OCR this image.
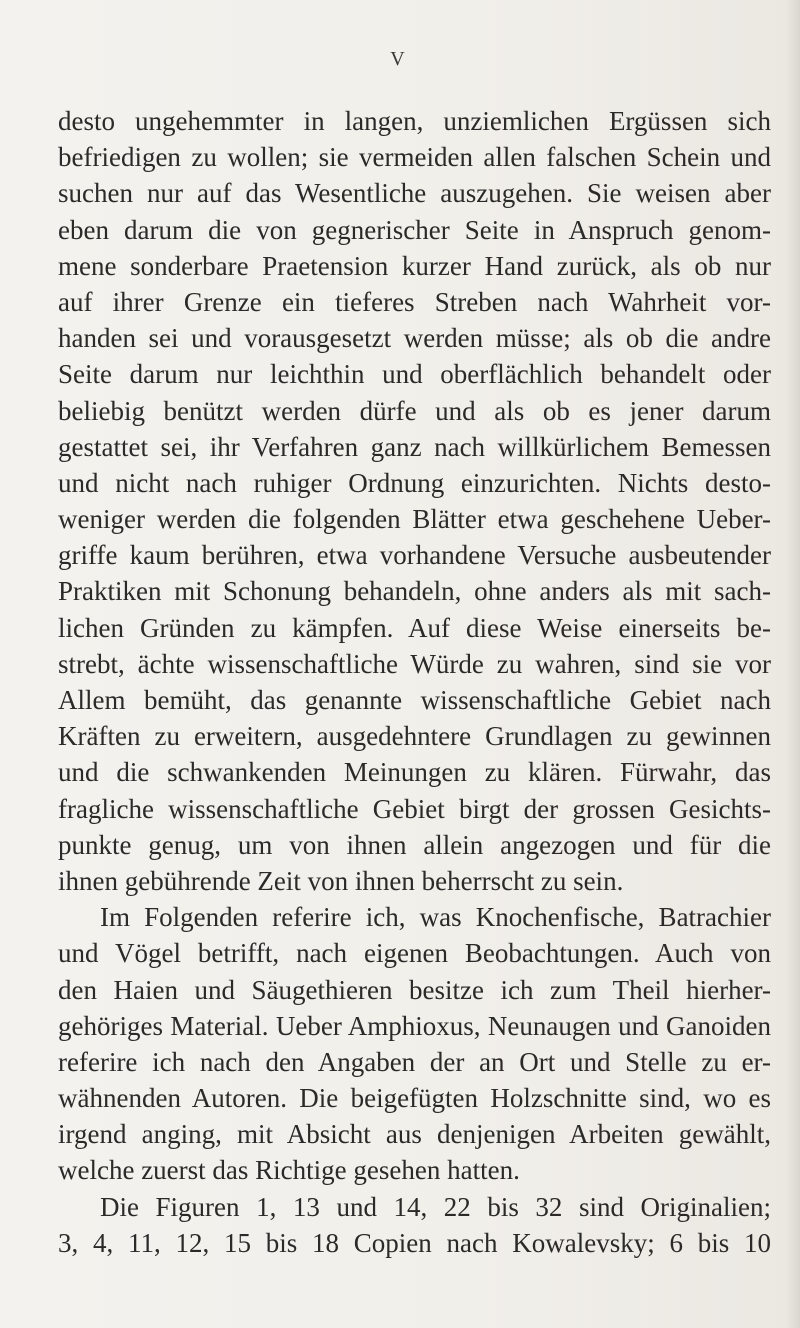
V
desto ungehemmter in langen, unziemlichen Ergüssen sich
befriedigen zu wollen; sie vermeiden allen falschen Schein und
suchen nur auf das Wesentliche auszugehen. Sie weisen aber
eben darum die von gegnerischer Seite in Anspruch genom-
mene sonderbare Praetension kurzer Hand zurück, als ob nur
auf ihrer Grenze ein tieferes Streben nach Wahrheit vor-
handen sei und vorausgesetzt werden müsse; als ob die andre
Seite darum nur leichthin und oberflächlich behandelt oder
beliebig benützt werden dürfe und als ob es jener darum
gestattet sei, ihr Verfahren ganz nach willkürlichem Bemessen
und nicht nach ruhiger Ordnung einzurichten. Nichts desto-
weniger werden die folgenden Blätter etwa geschehene Ueber-
griffe kaum berühren, etwa vorhandene Versuche ausbeutender
Praktiken mit Schonung behandeln, ohne anders als mit sach-
lichen Gründen zu kämpfen. Auf diese Weise einerseits be-
strebt, ächte wissenschaftliche Würde zu wahren, sind sie vor
Allem bemüht, das genannte wissenschaftliche Gebiet nach
Kräften zu erweitern, ausgedehntere Grundlagen zu gewinnen
und die schwankenden Meinungen zu klären. Fürwahr, das
fragliche wissenschaftliche Gebiet birgt der grossen Gesichts-
punkte genug, um von ihnen allein angezogen und für die
ihnen gebührende Zeit von ihnen beherrscht zu sein.
Im Folgenden referire ich, was Knochenfische, Batrachier
und Vögel betrifft, nach eigenen Beobachtungen. Auch von
den Haien und Säugethieren besitze ich zum Theil hierher-
gehöriges Material. Ueber Amphioxus, Neunaugen und Ganoiden
referire ich nach den Angaben der an Ort und Stelle zu er-
wähnenden Autoren. Die beigefügten Holzschnitte sind, wo es
irgend anging, mit Absicht aus denjenigen Arbeiten gewählt,
welche zuerst das Richtige gesehen hatten.
Die Figuren 1, 13 und 14, 22 bis 32 sind Originalien;
3, 4, 11, 12, 15 bis 18 Copien nach Kowalevsky; 6 bis 10
